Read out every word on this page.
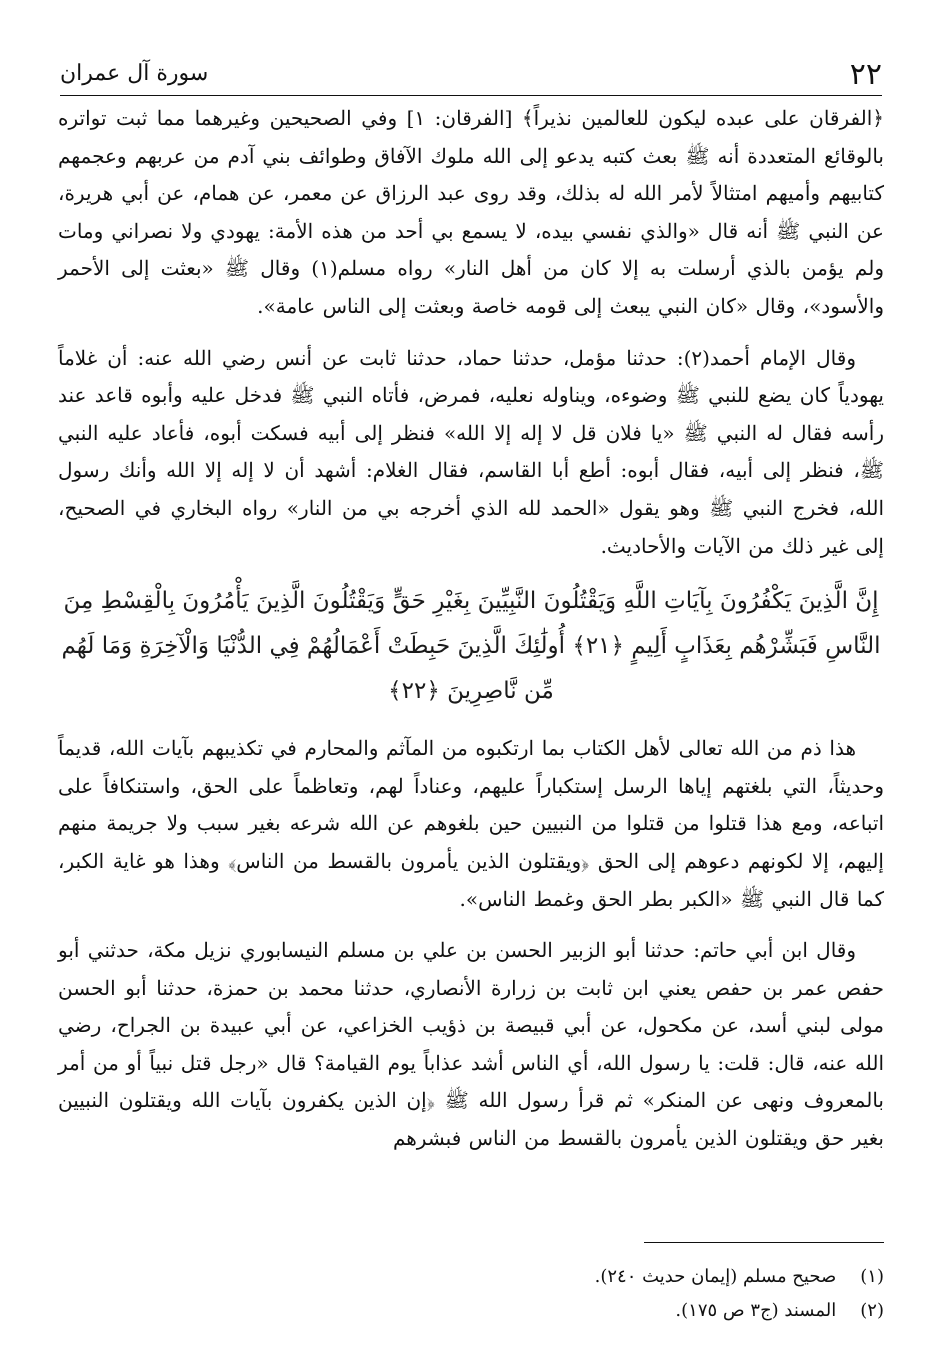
٢٢
سورة آل عمران

﴿الفرقان على عبده ليكون للعالمين نذيراً﴾ [الفرقان: ١] وفي الصحيحين وغيرهما مما ثبت تواتره بالوقائع المتعددة أنه ﷺ بعث كتبه يدعو إلى الله ملوك الآفاق وطوائف بني آدم من عربهم وعجمهم كتابيهم وأميهم امتثالاً لأمر الله له بذلك، وقد روى عبد الرزاق عن معمر، عن همام، عن أبي هريرة، عن النبي ﷺ أنه قال «والذي نفسي بيده، لا يسمع بي أحد من هذه الأمة: يهودي ولا نصراني ومات ولم يؤمن بالذي أرسلت به إلا كان من أهل النار» رواه مسلم(١) وقال ﷺ «بعثت إلى الأحمر والأسود»، وقال «كان النبي يبعث إلى قومه خاصة وبعثت إلى الناس عامة».

وقال الإمام أحمد(٢): حدثنا مؤمل، حدثنا حماد، حدثنا ثابت عن أنس رضي الله عنه: أن غلاماً يهودياً كان يضع للنبي ﷺ وضوءه، ويناوله نعليه، فمرض، فأتاه النبي ﷺ فدخل عليه وأبوه قاعد عند رأسه فقال له النبي ﷺ «يا فلان قل لا إله إلا الله» فنظر إلى أبيه فسكت أبوه، فأعاد عليه النبي ﷺ، فنظر إلى أبيه، فقال أبوه: أطع أبا القاسم، فقال الغلام: أشهد أن لا إله إلا الله وأنك رسول الله، فخرج النبي ﷺ وهو يقول «الحمد لله الذي أخرجه بي من النار» رواه البخاري في الصحيح، إلى غير ذلك من الآيات والأحاديث.

إِنَّ الَّذِينَ يَكْفُرُونَ بِآيَاتِ اللَّهِ وَيَقْتُلُونَ النَّبِيِّينَ بِغَيْرِ حَقٍّ وَيَقْتُلُونَ الَّذِينَ يَأْمُرُونَ بِالْقِسْطِ مِنَ النَّاسِ فَبَشِّرْهُم بِعَذَابٍ أَلِيمٍ ﴿٢١﴾ أُولَٰئِكَ الَّذِينَ حَبِطَتْ أَعْمَالُهُمْ فِي الدُّنْيَا وَالْآخِرَةِ وَمَا لَهُم مِّن نَّاصِرِينَ ﴿٢٢﴾

هذا ذم من الله تعالى لأهل الكتاب بما ارتكبوه من المآثم والمحارم في تكذيبهم بآيات الله، قديماً وحديثاً، التي بلغتهم إياها الرسل إستكباراً عليهم، وعناداً لهم، وتعاظماً على الحق، واستنكافاً على اتباعه، ومع هذا قتلوا من قتلوا من النبيين حين بلغوهم عن الله شرعه بغير سبب ولا جريمة منهم إليهم، إلا لكونهم دعوهم إلى الحق ﴿ويقتلون الذين يأمرون بالقسط من الناس﴾ وهذا هو غاية الكبر، كما قال النبي ﷺ «الكبر بطر الحق وغمط الناس».

وقال ابن أبي حاتم: حدثنا أبو الزبير الحسن بن علي بن مسلم النيسابوري نزيل مكة، حدثني أبو حفص عمر بن حفص يعني ابن ثابت بن زرارة الأنصاري، حدثنا محمد بن حمزة، حدثنا أبو الحسن مولى لبني أسد، عن مكحول، عن أبي قبيصة بن ذؤيب الخزاعي، عن أبي عبيدة بن الجراح، رضي الله عنه، قال: قلت: يا رسول الله، أي الناس أشد عذاباً يوم القيامة؟ قال «رجل قتل نبياً أو من أمر بالمعروف ونهى عن المنكر» ثم قرأ رسول الله ﷺ ﴿إن الذين يكفرون بآيات الله ويقتلون النبيين بغير حق ويقتلون الذين يأمرون بالقسط من الناس فبشرهم

(١) صحيح مسلم (إيمان حديث ٢٤٠).
(٢) المسند (ج٣ ص ١٧٥).
